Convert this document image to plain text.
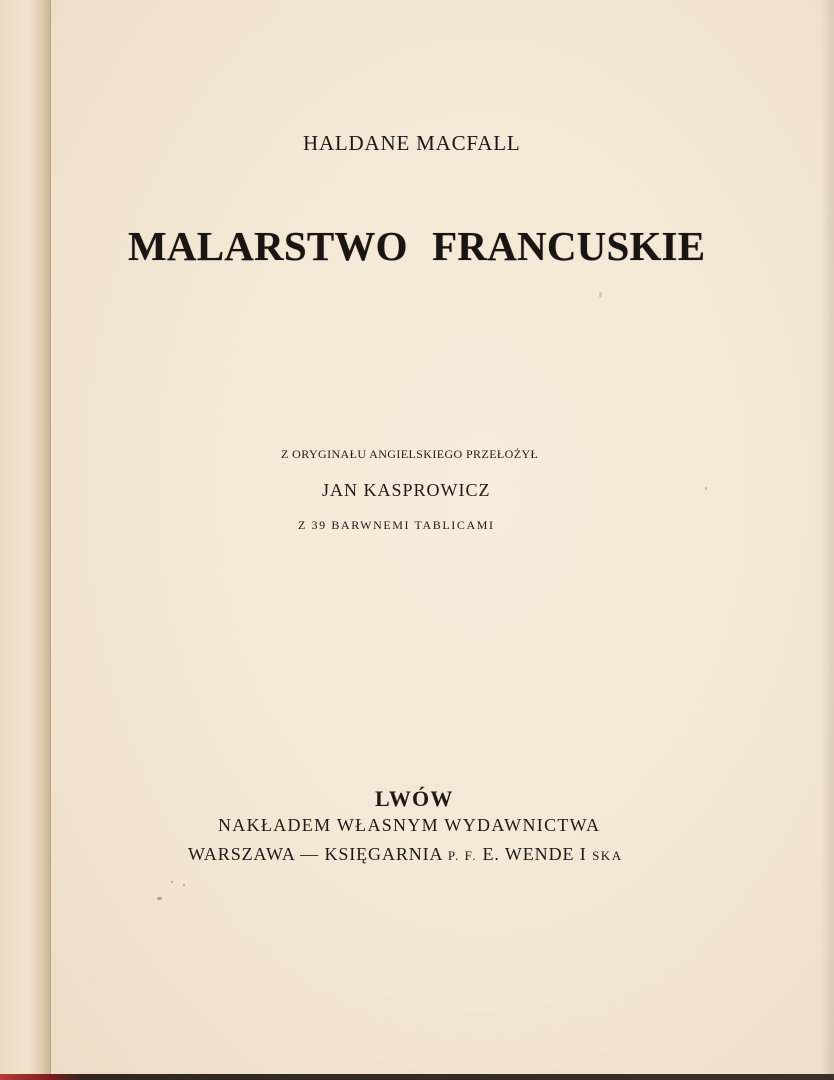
HALDANE MACFALL
MALARSTWO FRANCUSKIE
Z ORYGINAŁU ANGIELSKIEGO PRZEŁOŻYŁ
JAN KASPROWICZ
Z 39 BARWNEMI TABLICAMI
LWÓW
NAKŁADEM WŁASNYM WYDAWNICTWA
WARSZAWA — KSIĘGARNIA P. F. E. WENDE I SKA
